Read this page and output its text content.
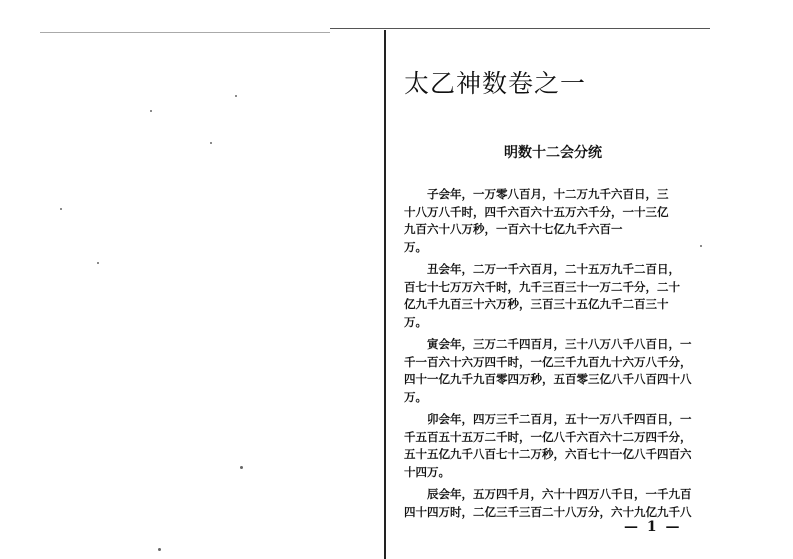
太乙神数卷之一
明数十二会分统

子会年，一万零八百月，十二万九千六百日，三
十八万八千时，四千六百六十五万六千分，一十三亿
九百六十八万秒，一百六十七亿九千六百一
万。

丑会年，二万一千六百月，二十五万九千二百日，
百七十七万万六千时，九千三百三十一万二千分，二十
亿九千九百三十六万秒，三百三十五亿九千二百三十
万。

寅会年，三万二千四百月，三十八万八千八百日，一
千一百六十六万四千时，一亿三千九百九十六万八千分，
四十一亿九千九百零四万秒，五百零三亿八千八百四十八
万。

卯会年，四万三千二百月，五十一万八千四百日，一
千五百五十五万二千时，一亿八千六百六十二万四千分，
五十五亿九千八百七十二万秒，六百七十一亿八千四百六
十四万。

辰会年，五万四千月，六十十四万八千日，一千九百
四十四万时，二亿三千三百二十八万分，六十九亿九千八

— 1 —
